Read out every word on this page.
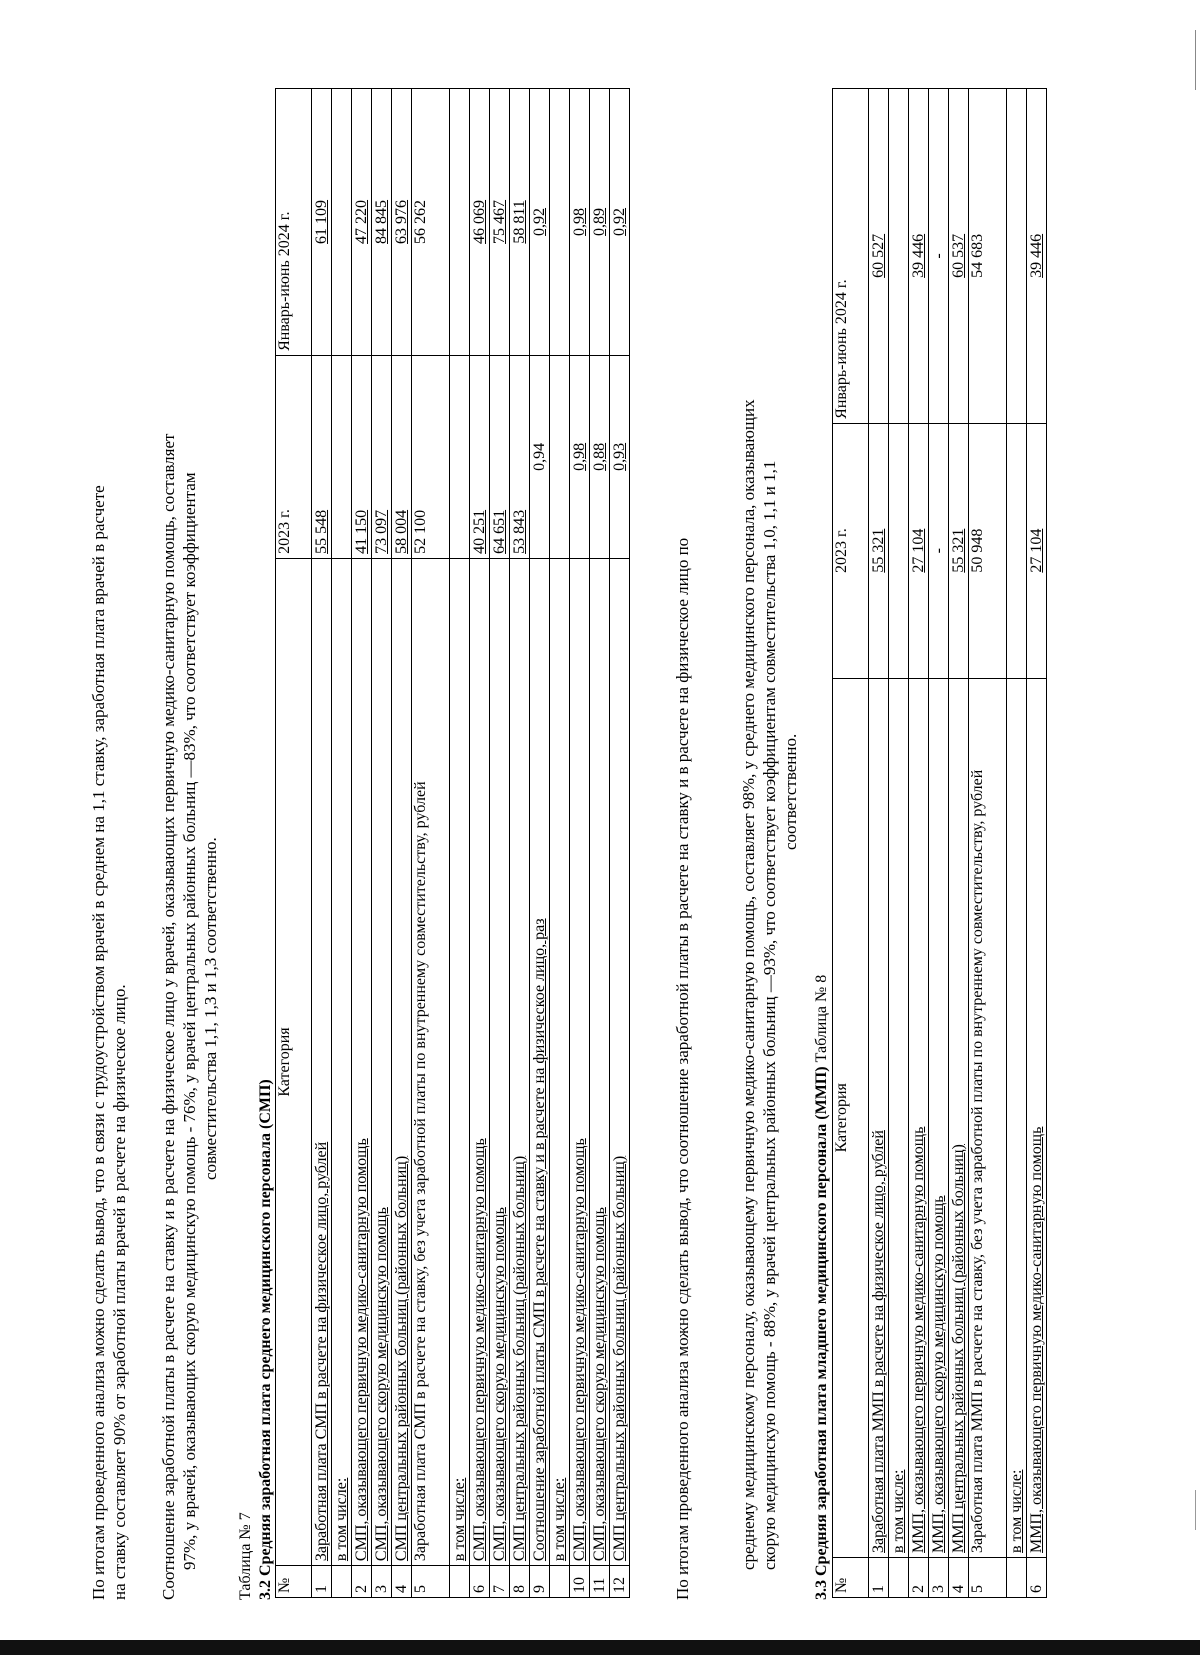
По итогам проведенного анализа можно сделать вывод, что в связи с трудоустройством врачей в среднем на 1,1 ставку, заработная плата врачей в расчете на ставку составляет 90% от заработной платы врачей в расчете на физическое лицо. Соотношение заработной платы в расчете на ставку и в расчете на физическое лицо у врачей, оказывающих первичную медико-санитарную помощь, составляет 97%, у врачей, оказывающих скорую медицинскую помощь - 76%, у врачей центральных районных больниц —83%, что соответствует коэффициентам совместительства 1,1, 1,3 и 1,3 соответственно.
Таблица № 7 3.2 Средняя заработная плата среднего медицинского персонала (СМП) №	Категория	2023 г.	Январь-июнь 2024 г.
1	Заработная плата СМП в расчете на физическое лицо, рублей	55 548	61 109
	в том числе:		
2	СМП, оказывающего первичную медико-санитарную помощь	41 150	47 220
3	СМП, оказывающего скорую медицинскую помощь	73 097	84 845
4	СМП центральных районных больниц (районных больниц)	58 004	63 976
5	Заработная плата СМП в расчете на ставку, без учета заработной платы по внутреннему совместительству, рублей	52 100	56 262
	в том числе:		
6	СМП, оказывающего первичную медико-санитарную помощь	40 251	46 069
7	СМП, оказывающего скорую медицинскую помощь	64 651	75 467
8	СМП центральных районных больниц (районных больниц)	53 843	58 811
9	Соотношение заработной платы СМП в расчете на ставку и в расчете на физическое лицо, раз	0,94	0,92
	в том числе:		
10	СМП, оказывающего первичную медико-санитарную помощь	0,98	0,98
11	СМП, оказывающего скорую медицинскую помощь	0,88	0,89
12	СМП центральных районных больниц (районных больниц)	0,93	0,92
По итогам проведенного анализа можно сделать вывод, что соотношение заработной платы в расчете на ставку и в расчете на физическое лицо по	среднему медицинскому персоналу, оказывающему первичную медико-санитарную помощь, составляет 98%, у среднего медицинского персонала, оказывающих скорую медицинскую помощь - 88%, у врачей центральных районных больниц —93%, что соответствует коэффициентам совместительства 1,0, 1,1 и 1,1 соответственно.
3.3 Средняя заработная плата младшего медицинского персонала (ММП) Таблица № 8
№	Категория	2023 г.	Январь-июнь 2024 г.
1	Заработная плата ММП в расчете на физическое лицо, рублей	55 321	60 527
	в том числе:		
2	ММП, оказывающего первичную медико-санитарную помощь	27 104	39 446
3	ММП, оказывающего скорую медицинскую помощь	-	-
4	ММП центральных районных больниц (районных больниц)	55 321	60 537
5	Заработная плата ММП в расчете на ставку, без учета заработной платы по внутреннему совместительству, рублей	50 948	54 683
	в том числе:		
6	ММП, оказывающего первичную медико-санитарную помощь	27 104	39 446
